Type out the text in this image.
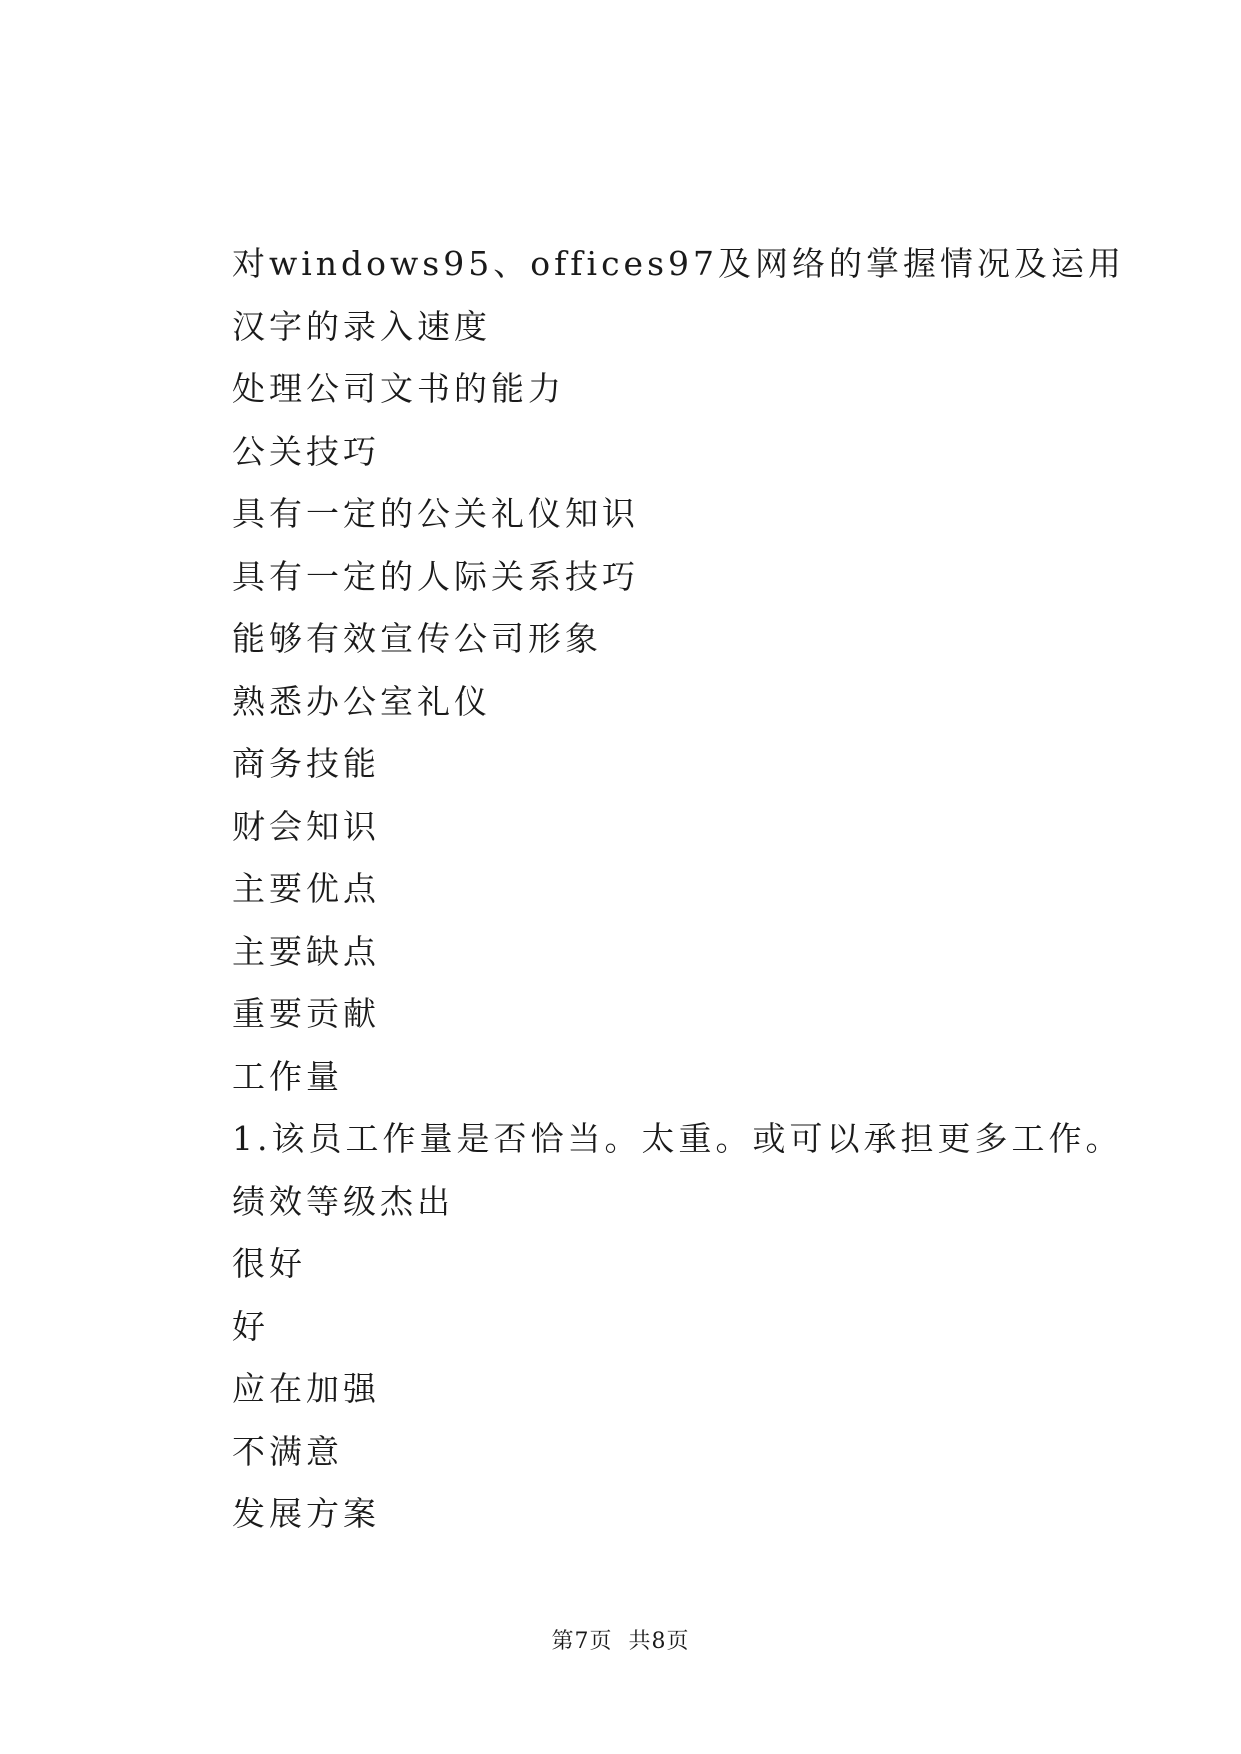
对windows95、offices97及网络的掌握情况及运用
汉字的录入速度
处理公司文书的能力
公关技巧
具有一定的公关礼仪知识
具有一定的人际关系技巧
能够有效宣传公司形象
熟悉办公室礼仪
商务技能
财会知识
主要优点
主要缺点
重要贡献
工作量
1.该员工作量是否恰当。太重。或可以承担更多工作。
绩效等级杰出
很好
好
应在加强
不满意
发展方案
第7页 共8页
